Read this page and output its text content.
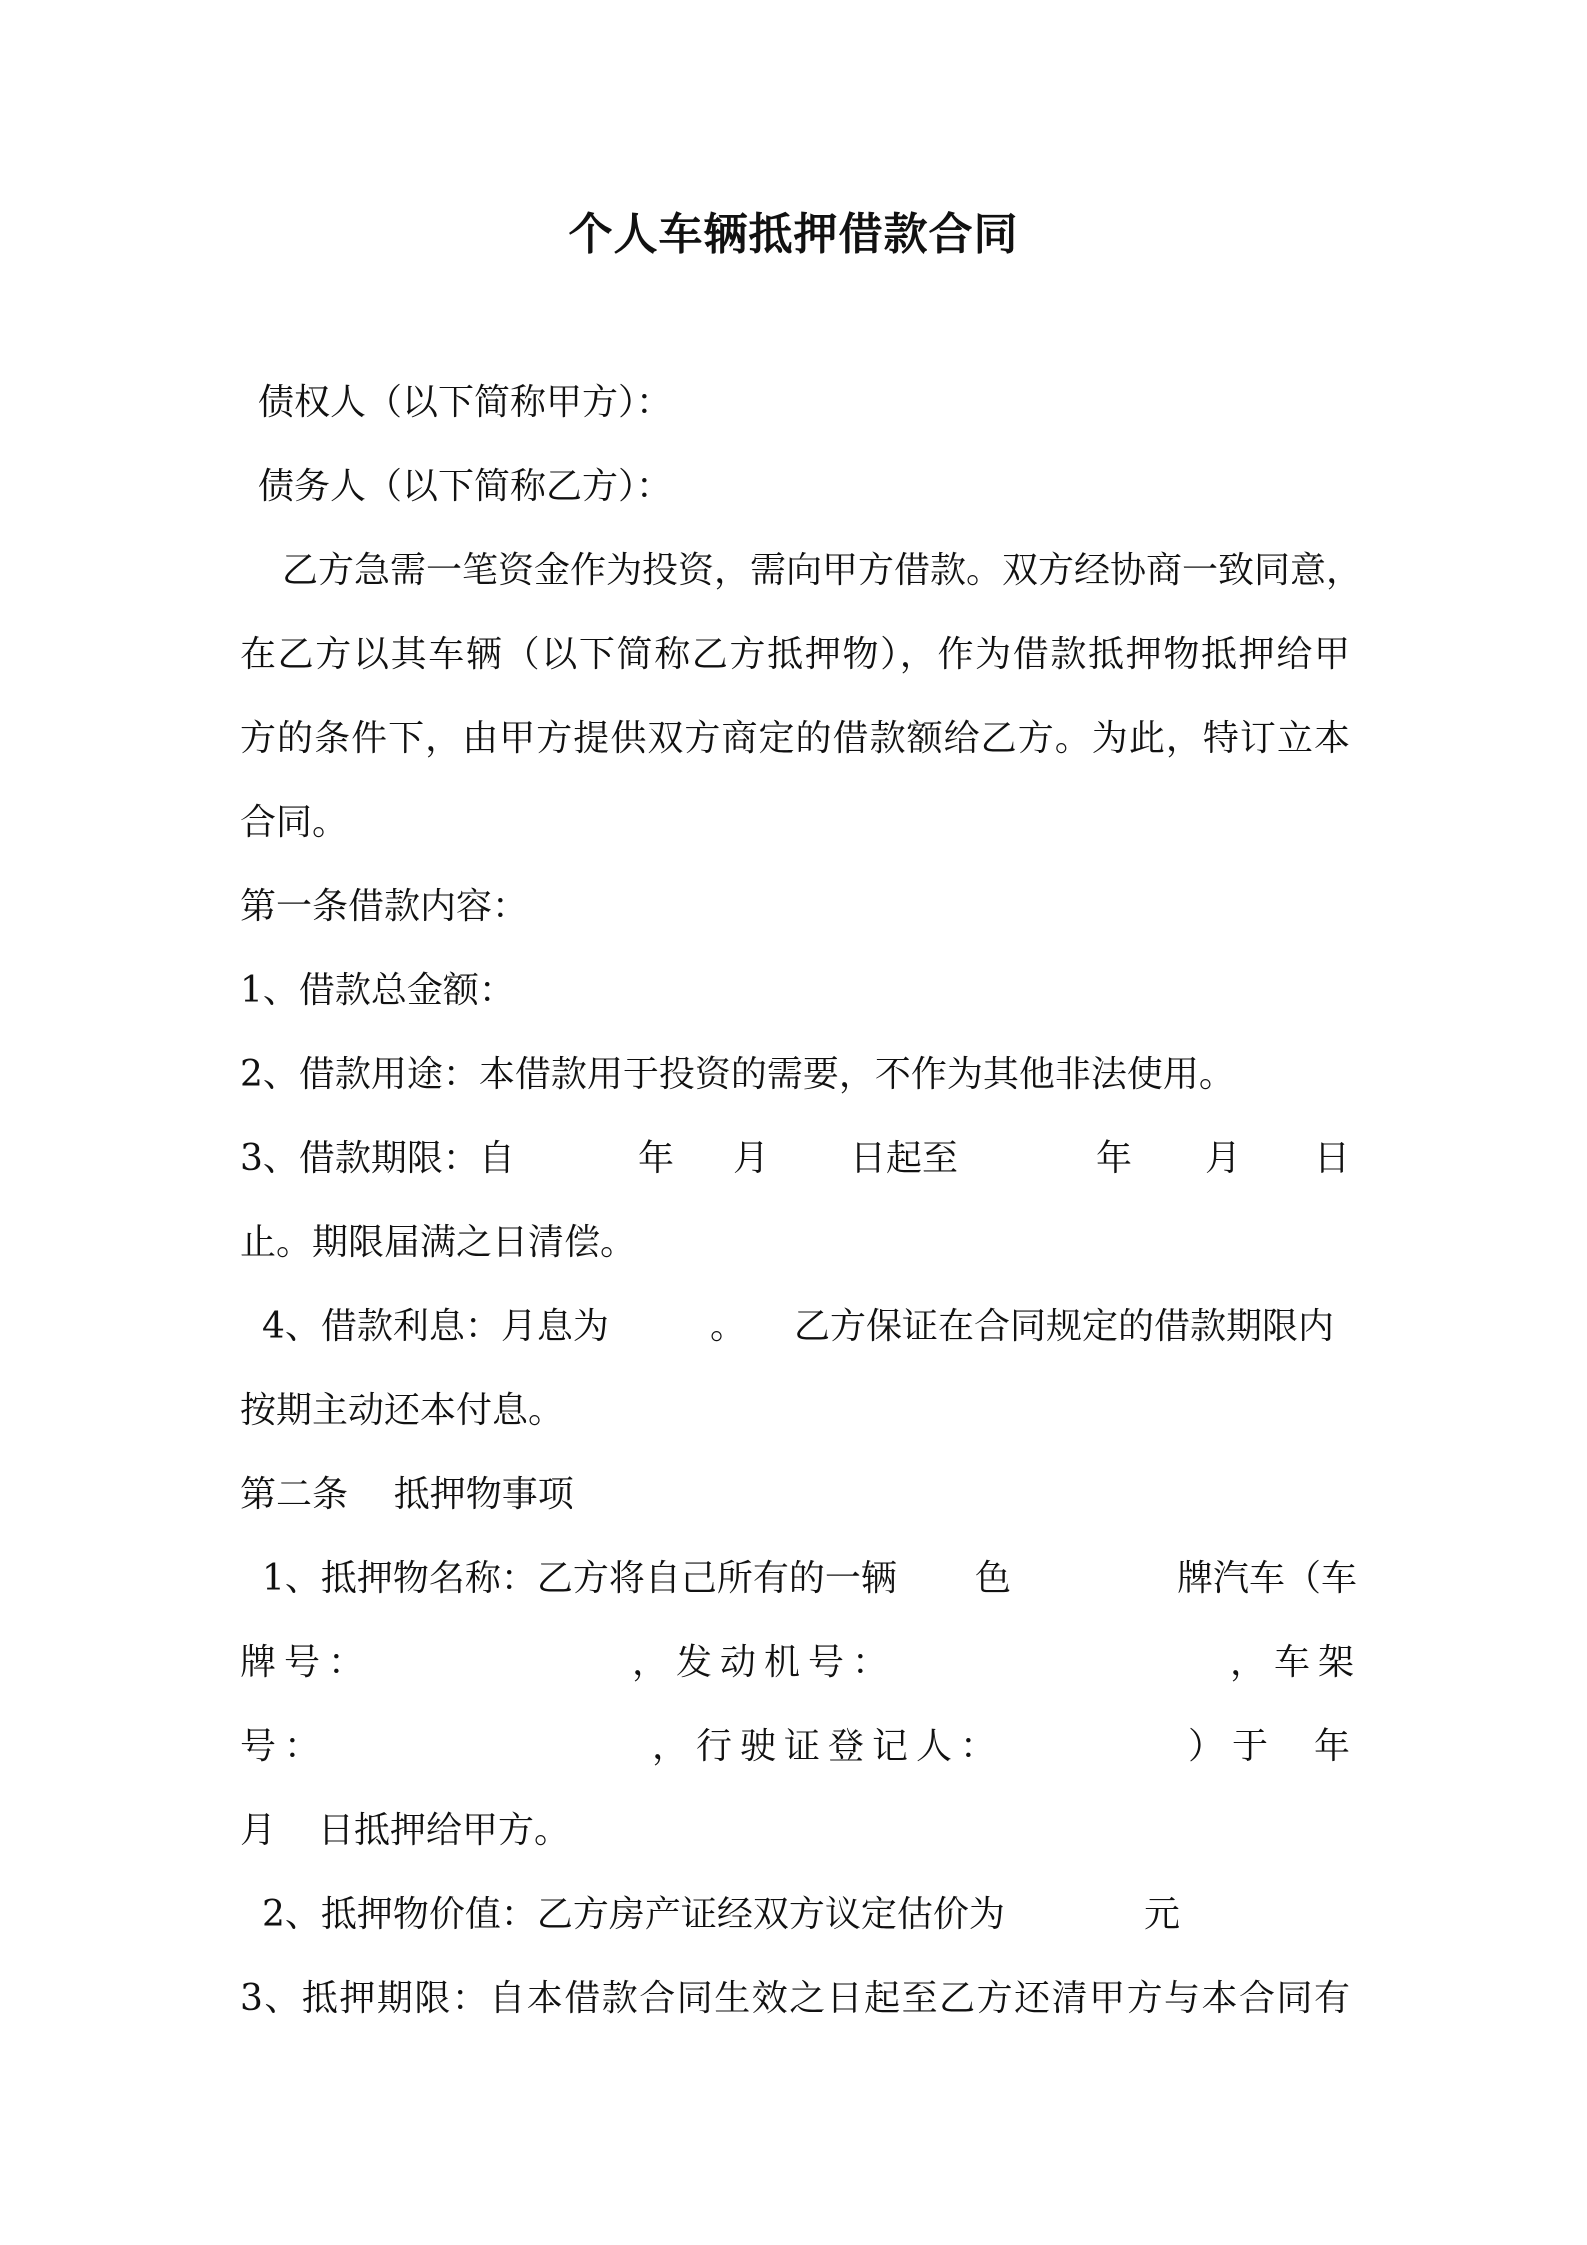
个人车辆抵押借款合同
债权人（以下简称甲方）：
债务人（以下简称乙方）：
乙方急需一笔资金作为投资，需向甲方借款。双方经协商一致同意，
在乙方以其车辆（以下简称乙方抵押物），作为借款抵押物抵押给甲
方的条件下，由甲方提供双方商定的借款额给乙方。为此，特订立本
合同。
第一条借款内容：
1、借款总金额：
2、借款用途：本借款用于投资的需要，不作为其他非法使用。
3、借款期限：自	年 月 日起至	年 月 日
止。期限届满之日清偿。
4、借款利息：月息为	。 乙方保证在合同规定的借款期限内
按期主动还本付息。
第二条    抵押物事项
1、抵押物名称：乙方将自己所有的一辆 色	牌汽车（车
牌号：	，发动机号：	，车架
号：	，行驶证登记人：	）于 年
月 日抵押给甲方。
2、抵押物价值：乙方房产证经双方议定估价为	元
3、抵押期限：自本借款合同生效之日起至乙方还清甲方与本合同有
